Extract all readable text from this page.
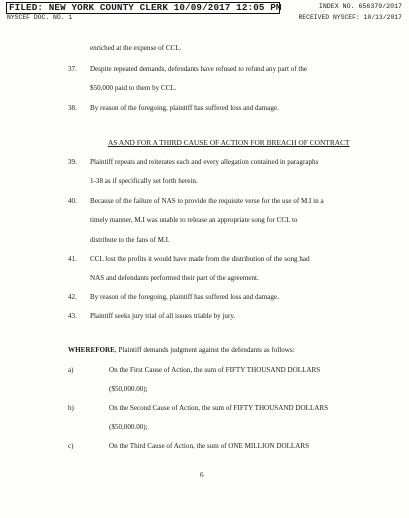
FILED: NEW YORK COUNTY CLERK 10/09/2017 12:05 PM	INDEX NO. 656379/2017
NYSCEF DOC. NO. 1	RECEIVED NYSCEF: 10/13/2017
enriched at the expense of CCL.
37. Despite repeated demands, defendants have refused to refund any part of the
$50,000 paid to them by CCL.
38. By reason of the foregoing, plaintiff has suffered loss and damage.
AS AND FOR A THIRD CAUSE OF ACTION FOR BREACH OF CONTRACT
39. Plaintiff repeats and reiterates each and every allegation contained in paragraphs
1-38 as if specifically set forth herein.
40. Because of the failure of NAS to provide the requisite verse for the use of M.I in a
timely manner, M.I was unable to release an appropriate song for CCL to
distribute to the fans of M.I.
41. CCL lost the profits it would have made from the distribution of the song had
NAS and defendants performed their part of the agreement.
42. By reason of the foregoing, plaintiff has suffered loss and damage.
43. Plaintiff seeks jury trial of all issues triable by jury.
WHEREFORE, Plaintiff demands judgment against the defendants as follows:
a)	On the First Cause of Action, the sum of FIFTY THOUSAND DOLLARS
($50,000.00);
b)	On the Second Cause of Action, the sum of FIFTY THOUSAND DOLLARS
($50,000.00);
c)	On the Third Cause of Action, the sum of ONE MILLION DOLLARS
6
